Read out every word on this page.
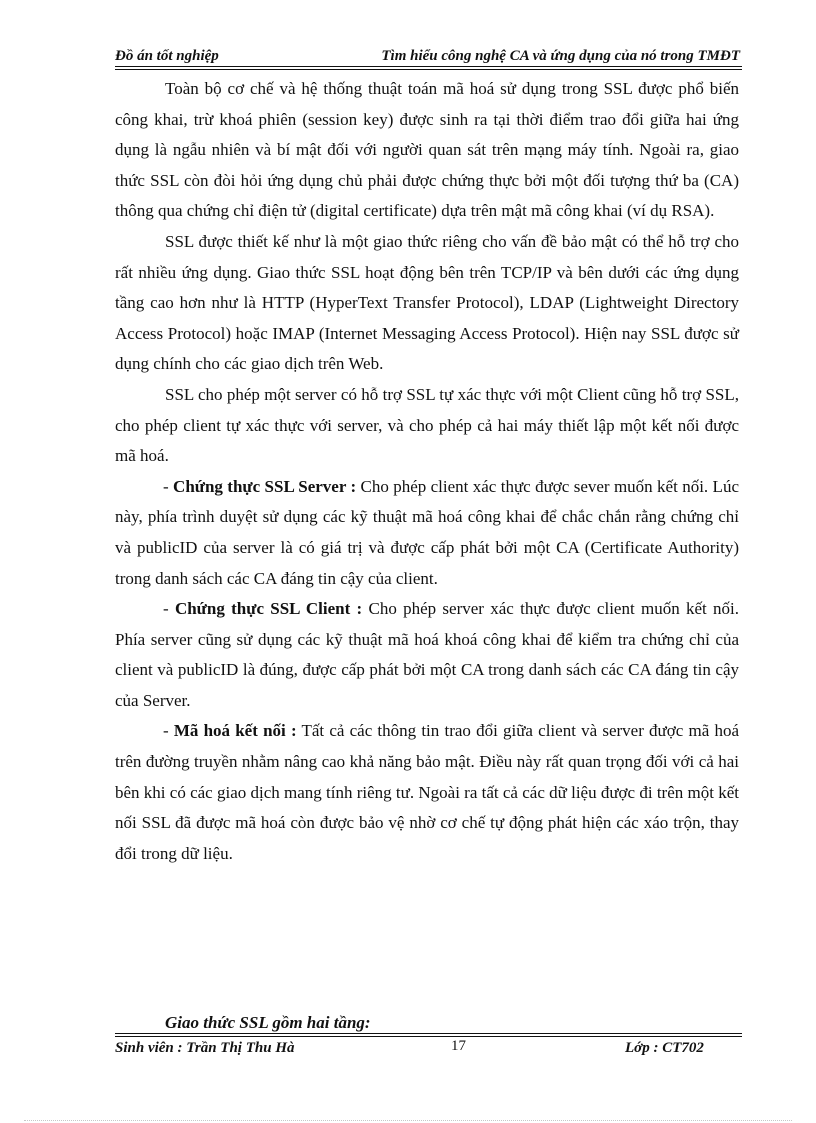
Đồ án tốt nghiệp	Tìm hiểu công nghệ CA và ứng dụng của nó trong TMĐT

Toàn bộ cơ chế và hệ thống thuật toán mã hoá sử dụng trong SSL được phổ biến công khai, trừ khoá phiên (session key) được sinh ra tại thời điểm trao đổi giữa hai ứng dụng là ngẫu nhiên và bí mật đối với người quan sát trên mạng máy tính. Ngoài ra, giao thức SSL còn đòi hỏi ứng dụng chủ phải được chứng thực bởi một đối tượng thứ ba (CA) thông qua chứng chỉ điện tử (digital certificate) dựa trên mật mã công khai (ví dụ RSA).

SSL được thiết kế như là một giao thức riêng cho vấn đề bảo mật có thể hỗ trợ cho rất nhiều ứng dụng. Giao thức SSL hoạt động bên trên TCP/IP và bên dưới các ứng dụng tầng cao hơn như là HTTP (HyperText Transfer Protocol), LDAP (Lightweight Directory Access Protocol) hoặc IMAP (Internet Messaging Access Protocol). Hiện nay SSL được sử dụng chính cho các giao dịch trên Web.

SSL cho phép một server có hỗ trợ SSL tự xác thực với một Client cũng hỗ trợ SSL, cho phép client tự xác thực với server, và cho phép cả hai máy thiết lập một kết nối được mã hoá.

- Chứng thực SSL Server : Cho phép client xác thực được sever muốn kết nối. Lúc này, phía trình duyệt sử dụng các kỹ thuật mã hoá công khai để chắc chắn rằng chứng chỉ và publicID của server là có giá trị và được cấp phát bởi một CA (Certificate Authority) trong danh sách các CA đáng tin cậy của client.

- Chứng thực SSL Client : Cho phép server xác thực được client muốn kết nối. Phía server cũng sử dụng các kỹ thuật mã hoá khoá công khai để kiểm tra chứng chỉ của client và publicID là đúng, được cấp phát bởi một CA trong danh sách các CA đáng tin cậy của Server.

- Mã hoá kết nối : Tất cả các thông tin trao đổi giữa client và server được mã hoá trên đường truyền nhằm nâng cao khả năng bảo mật. Điều này rất quan trọng đối với cả hai bên khi có các giao dịch mang tính riêng tư. Ngoài ra tất cả các dữ liệu được đi trên một kết nối SSL đã được mã hoá còn được bảo vệ nhờ cơ chế tự động phát hiện các xáo trộn, thay đổi trong dữ liệu.

Giao thức SSL gồm hai tầng:
Sinh viên : Trần Thị Thu Hà	17	Lớp : CT702
